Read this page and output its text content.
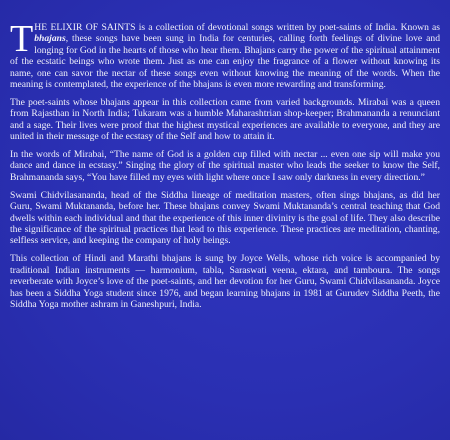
THE ELIXIR OF SAINTS is a collection of devotional songs written by poet-saints of India. Known as bhajans, these songs have been sung in India for centuries, calling forth feelings of divine love and longing for God in the hearts of those who hear them. Bhajans carry the power of the spiritual attainment of the ecstatic beings who wrote them. Just as one can enjoy the fragrance of a flower without knowing its name, one can savor the nectar of these songs even without knowing the meaning of the words. When the meaning is contemplated, the experience of the bhajans is even more rewarding and transforming.

The poet-saints whose bhajans appear in this collection came from varied backgrounds. Mirabai was a queen from Rajasthan in North India; Tukaram was a humble Maharashtrian shop-keeper; Brahmananda a renunciant and a sage. Their lives were proof that the highest mystical experiences are available to everyone, and they are united in their message of the ecstasy of the Self and how to attain it.

In the words of Mirabai, “The name of God is a golden cup filled with nectar ... even one sip will make you dance and dance in ecstasy.” Singing the glory of the spiritual master who leads the seeker to know the Self, Brahmananda says, “You have filled my eyes with light where once I saw only darkness in every direction.”

Swami Chidvilasananda, head of the Siddha lineage of meditation masters, often sings bhajans, as did her Guru, Swami Muktananda, before her. These bhajans convey Swami Muktananda’s central teaching that God dwells within each individual and that the experience of this inner divinity is the goal of life. They also describe the significance of the spiritual practices that lead to this experience. These practices are meditation, chanting, selfless service, and keeping the company of holy beings.

This collection of Hindi and Marathi bhajans is sung by Joyce Wells, whose rich voice is accompanied by traditional Indian instruments — harmonium, tabla, Saraswati veena, ektara, and tamboura. The songs reverberate with Joyce’s love of the poet-saints, and her devotion for her Guru, Swami Chidvilasananda. Joyce has been a Siddha Yoga student since 1976, and began learning bhajans in 1981 at Gurudev Siddha Peeth, the Siddha Yoga mother ashram in Ganeshpuri, India.
